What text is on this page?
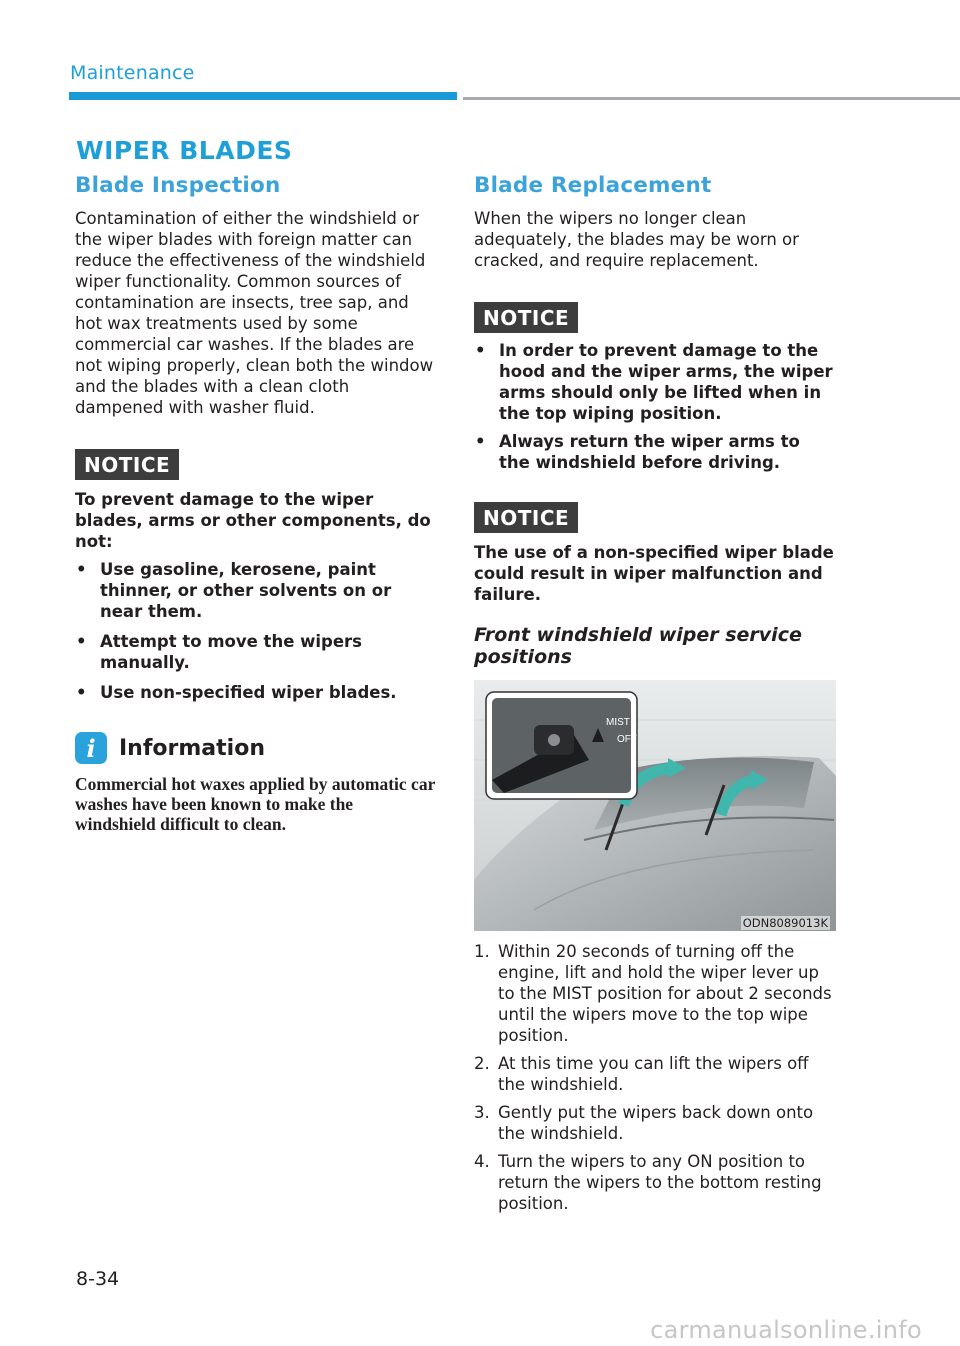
Maintenance
WIPER BLADES
Blade Inspection

Contamination of either the windshield or the wiper blades with foreign matter can reduce the effectiveness of the windshield wiper functionality. Common sources of contamination are insects, tree sap, and hot wax treatments used by some commercial car washes. If the blades are not wiping properly, clean both the window and the blades with a clean cloth dampened with washer fluid.

NOTICE
To prevent damage to the wiper blades, arms or other components, do not:
• Use gasoline, kerosene, paint thinner, or other solvents on or near them.
• Attempt to move the wipers manually.
• Use non-specified wiper blades.
i	Information
Commercial hot waxes applied by automatic car washes have been known to make the windshield difficult to clean.
Blade Replacement

When the wipers no longer clean adequately, the blades may be worn or cracked, and require replacement.

NOTICE
• In order to prevent damage to the hood and the wiper arms, the wiper arms should only be lifted when in the top wiping position.
• Always return the wiper arms to the windshield before driving.
NOTICE
The use of a non-specified wiper blade could result in wiper malfunction and failure.
Front windshield wiper service positions
MIST
OFF
ODN8089013K
1. Within 20 seconds of turning off the engine, lift and hold the wiper lever up to the MIST position for about 2 seconds until the wipers move to the top wipe position.
2. At this time you can lift the wipers off the windshield.
3. Gently put the wipers back down onto the windshield.
4. Turn the wipers to any ON position to return the wipers to the bottom resting position.
8-34
carmanualsonline.info
